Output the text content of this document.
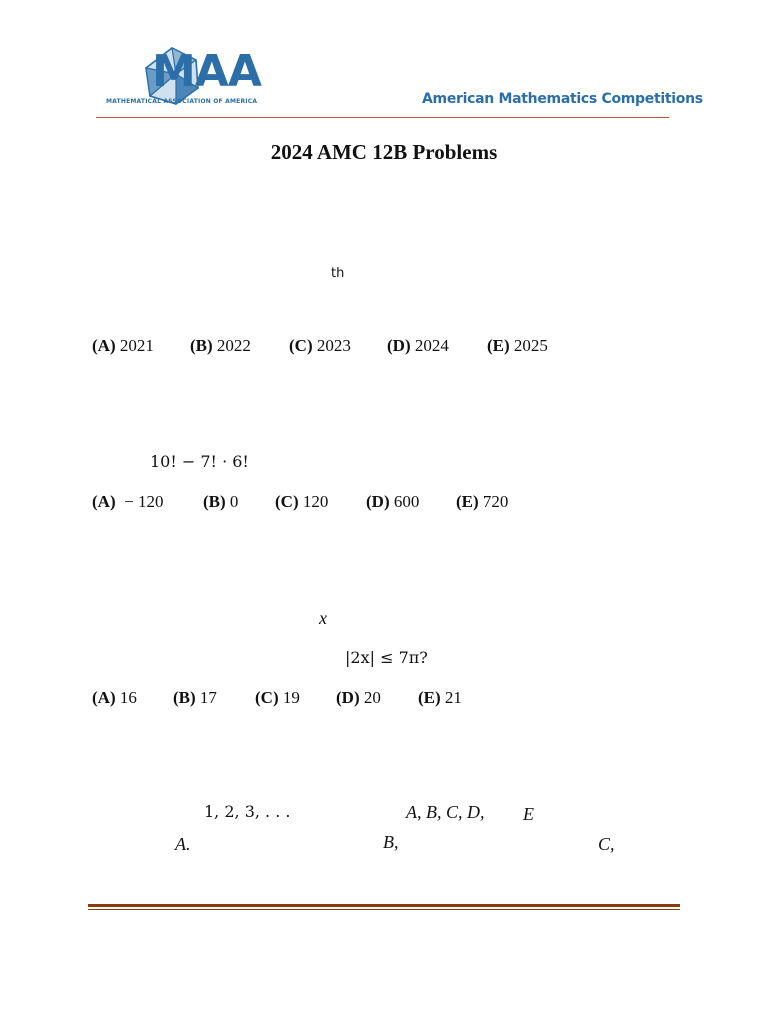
MAA
MATHEMATICAL ASSOCIATION OF AMERICA	American Mathematics Competitions
2024 AMC 12B Problems
th
(A) 2021 (B) 2022 (C) 2023 (D) 2024 (E) 2025
10! − 7! · 6!
(A) − 120 (B) 0 (C) 120 (D) 600 (E) 720
x
|2x| ≤ 7π?
(A) 16 (B) 17 (C) 19 (D) 20 (E) 21
1, 2, 3, . . .	A, B, C, D, E
A.	B,	C,
